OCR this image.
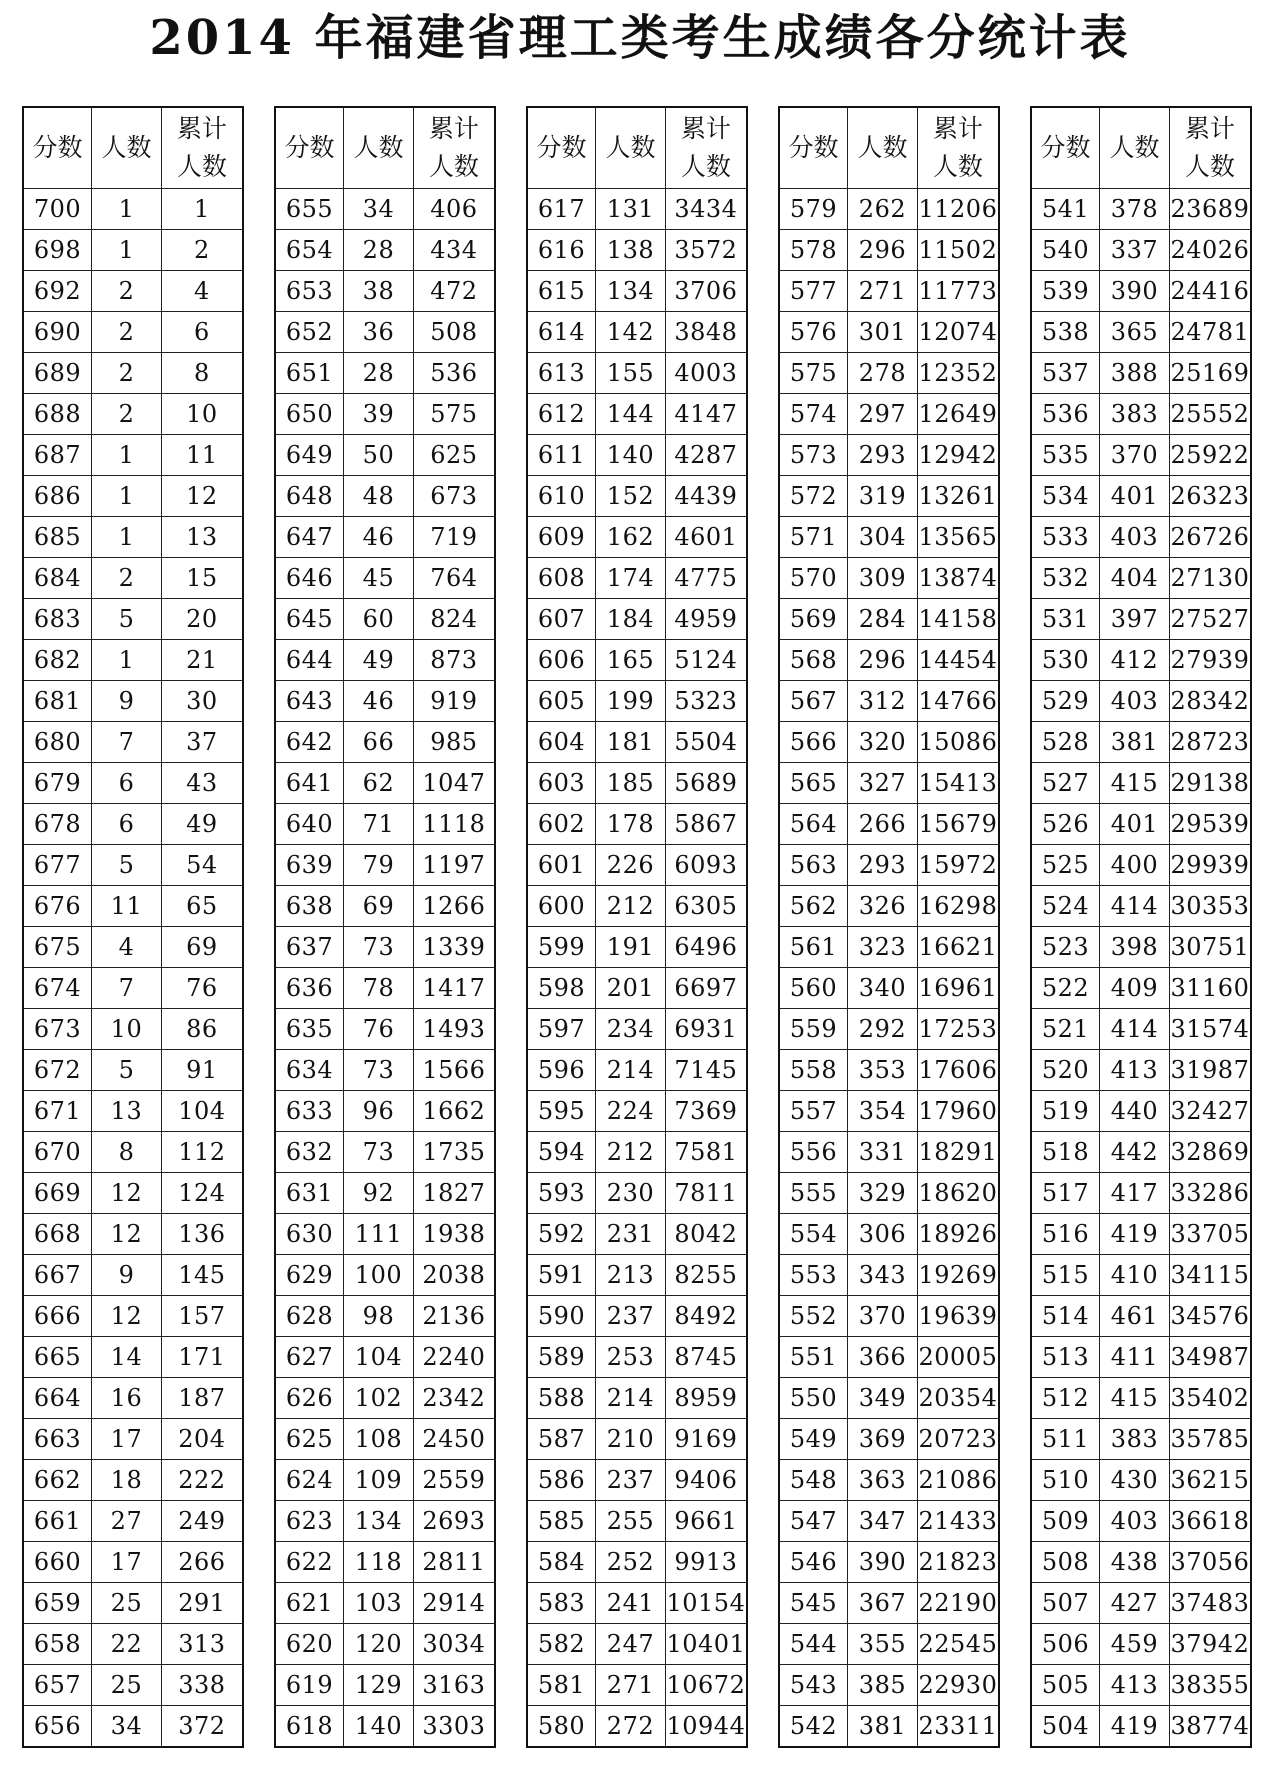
2014 年福建省理工类考生成绩各分统计表
分数	人数	累计
人数
700	1	1
698	1	2
692	2	4
690	2	6
689	2	8
688	2	10
687	1	11
686	1	12
685	1	13
684	2	15
683	5	20
682	1	21
681	9	30
680	7	37
679	6	43
678	6	49
677	5	54
676	11	65
675	4	69
674	7	76
673	10	86
672	5	91
671	13	104
670	8	112
669	12	124
668	12	136
667	9	145
666	12	157
665	14	171
664	16	187
663	17	204
662	18	222
661	27	249
660	17	266
659	25	291
658	22	313
657	25	338
656	34	372
分数	人数	累计
人数
655	34	406
654	28	434
653	38	472
652	36	508
651	28	536
650	39	575
649	50	625
648	48	673
647	46	719
646	45	764
645	60	824
644	49	873
643	46	919
642	66	985
641	62	1047
640	71	1118
639	79	1197
638	69	1266
637	73	1339
636	78	1417
635	76	1493
634	73	1566
633	96	1662
632	73	1735
631	92	1827
630	111	1938
629	100	2038
628	98	2136
627	104	2240
626	102	2342
625	108	2450
624	109	2559
623	134	2693
622	118	2811
621	103	2914
620	120	3034
619	129	3163
618	140	3303
分数	人数	累计
人数
617	131	3434
616	138	3572
615	134	3706
614	142	3848
613	155	4003
612	144	4147
611	140	4287
610	152	4439
609	162	4601
608	174	4775
607	184	4959
606	165	5124
605	199	5323
604	181	5504
603	185	5689
602	178	5867
601	226	6093
600	212	6305
599	191	6496
598	201	6697
597	234	6931
596	214	7145
595	224	7369
594	212	7581
593	230	7811
592	231	8042
591	213	8255
590	237	8492
589	253	8745
588	214	8959
587	210	9169
586	237	9406
585	255	9661
584	252	9913
583	241	10154
582	247	10401
581	271	10672
580	272	10944
分数	人数	累计
人数
579	262	11206
578	296	11502
577	271	11773
576	301	12074
575	278	12352
574	297	12649
573	293	12942
572	319	13261
571	304	13565
570	309	13874
569	284	14158
568	296	14454
567	312	14766
566	320	15086
565	327	15413
564	266	15679
563	293	15972
562	326	16298
561	323	16621
560	340	16961
559	292	17253
558	353	17606
557	354	17960
556	331	18291
555	329	18620
554	306	18926
553	343	19269
552	370	19639
551	366	20005
550	349	20354
549	369	20723
548	363	21086
547	347	21433
546	390	21823
545	367	22190
544	355	22545
543	385	22930
542	381	23311
分数	人数	累计
人数
541	378	23689
540	337	24026
539	390	24416
538	365	24781
537	388	25169
536	383	25552
535	370	25922
534	401	26323
533	403	26726
532	404	27130
531	397	27527
530	412	27939
529	403	28342
528	381	28723
527	415	29138
526	401	29539
525	400	29939
524	414	30353
523	398	30751
522	409	31160
521	414	31574
520	413	31987
519	440	32427
518	442	32869
517	417	33286
516	419	33705
515	410	34115
514	461	34576
513	411	34987
512	415	35402
511	383	35785
510	430	36215
509	403	36618
508	438	37056
507	427	37483
506	459	37942
505	413	38355
504	419	38774
